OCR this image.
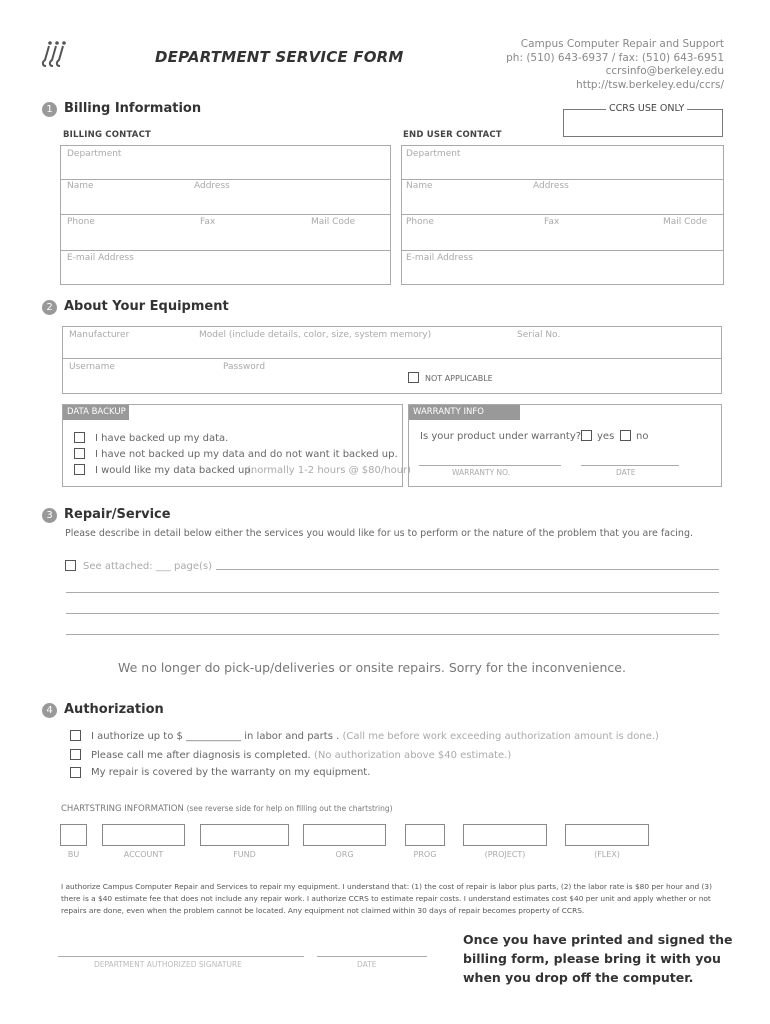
DEPARTMENT SERVICE FORM
Campus Computer Repair and Support
ph: (510) 643-6937 / fax: (510) 643-6951
ccrsinfo@berkeley.edu
http://tsw.berkeley.edu/ccrs/
1 Billing Information	CCRS USE ONLY
BILLING CONTACT	END USER CONTACT
Department
Name	Address
Phone	Fax	Mail Code
E-mail Address
Department
Name	Address
Phone	Fax	Mail Code
E-mail Address
2 About Your Equipment
Manufacturer	Model (include details, color, size, system memory)	Serial No.
Username	Password
NOT APPLICABLE
DATA BACKUP
I have backed up my data.
I have not backed up my data and do not want it backed up.
I would like my data backed up.
(normally 1-2 hours @ $80/hour)
WARRANTY INFO
Is your product under warranty? yes no
WARRANTY NO.	DATE
3 Repair/Service
Please describe in detail below either the services you would like for us to perform or the nature of the problem that you are facing.
See attached: ___ page(s)
We no longer do pick-up/deliveries or onsite repairs. Sorry for the inconvenience.
4 Authorization
I authorize up to $ ___________ in labor and parts . (Call me before work exceeding authorization amount is done.)
Please call me after diagnosis is completed. (No authorization above $40 estimate.)
My repair is covered by the warranty on my equipment.
CHARTSTRING INFORMATION (see reverse side for help on filling out the chartstring)
BU	ACCOUNT	FUND	ORG	PROG	(PROJECT)	(FLEX)
I authorize Campus Computer Repair and Services to repair my equipment. I understand that: (1) the cost of repair is labor plus parts, (2) the labor rate is $80 per hour and (3) there is a $40 estimate fee that does not include any repair work. I authorize CCRS to estimate repair costs. I understand estimates cost $40 per unit and apply whether or not repairs are done, even when the problem cannot be located. Any equipment not claimed within 30 days of repair becomes property of CCRS.
DEPARTMENT AUTHORIZED SIGNATURE	DATE
Once you have printed and signed the billing form, please bring it with you when you drop off the computer.
